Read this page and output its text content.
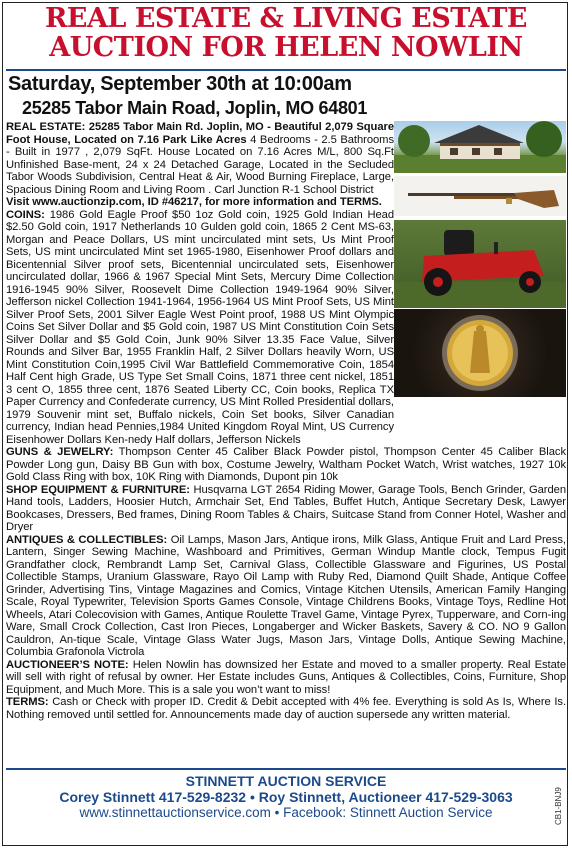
REAL ESTATE & LIVING ESTATE
AUCTION FOR HELEN NOWLIN
Saturday, September 30th at 10:00am
25285 Tabor Main Road, Joplin, MO 64801
REAL ESTATE: 25285 Tabor Main Rd. Joplin, MO - Beautiful 2,079 Square Foot House, Located on 7.16 Park Like Acres 4 Bedrooms - 2.5 Bathrooms - Built in 1977 , 2,079 SqFt. House Located on 7.16 Acres M/L, 800 Sq.Ft Unfinished Base-ment, 24 x 24 Detached Garage, Located in the Secluded Tabor Woods Subdivision, Central Heat & Air, Wood Burning Fireplace, Large, Spacious Dining Room and Living Room . Carl Junction R-1 School District
Visit www.auctionzip.com, ID #46217, for more information and TERMS.
COINS: 1986 Gold Eagle Proof $50 1oz Gold coin, 1925 Gold Indian Head $2.50 Gold coin, 1917 Netherlands 10 Gulden gold coin, 1865 2 Cent MS-63, Morgan and Peace Dollars, US mint uncirculated mint sets, Us Mint Proof Sets, US mint uncirculated Mint set 1965-1980, Eisenhower Proof dollars and Bicentennial Silver proof sets, Bicentennial uncirculated sets, Eisenhower uncirculated dollar, 1966 & 1967 Special Mint Sets, Mercury Dime Collection 1916-1945 90% Silver, Roosevelt Dime Collection 1949-1964 90% Silver, Jefferson nickel Collection 1941-1964, 1956-1964 US Mint Proof Sets, US Mint Silver Proof Sets, 2001 Silver Eagle West Point proof, 1988 US Mint Olympic Coins Set Silver Dollar and $5 Gold coin, 1987 US Mint Constitution Coin Sets Silver Dollar and $5 Gold Coin, Junk 90% Silver 13.35 Face Value, Silver Rounds and Silver Bar, 1955 Franklin Half, 2 Silver Dollars heavily Worn, US Mint Constitution Coin,1995 Civil War Battlefield Commemorative Coin, 1854 Half Cent high Grade, US Type Set Small Coins, 1871 three cent nickel, 1851 3 cent O, 1855 three cent, 1876 Seated Liberty CC, Coin books, Replica TX Paper Currency and Confederate currency, US Mint Rolled Presidential dollars, 1979 Souvenir mint set, Buffalo nickels, Coin Set books, Silver Canadian currency, Indian head Pennies,1984 United Kingdom Royal Mint, US Currency Eisenhower Dollars Ken-nedy Half dollars, Jefferson Nickels
GUNS & JEWELRY: Thompson Center 45 Caliber Black Powder pistol, Thompson Center 45 Caliber Black Powder Long gun, Daisy BB Gun with box, Costume Jewelry, Waltham Pocket Watch, Wrist watches, 1927 10k Gold Class Ring with box, 10K Ring with Diamonds, Dupont pin 10k
SHOP EQUIPMENT & FURNITURE: Husqvarna LGT 2654 Riding Mower, Garage Tools, Bench Grinder, Garden Hand tools, Ladders, Hoosier Hutch, Armchair Set, End Tables, Buffet Hutch, Antique Secretary Desk, Lawyer Bookcases, Dressers, Bed frames, Dining Room Tables & Chairs, Suitcase Stand from Conner Hotel, Washer and Dryer
ANTIQUES & COLLECTIBLES: Oil Lamps, Mason Jars, Antique irons, Milk Glass, Antique Fruit and Lard Press, Lantern, Singer Sewing Machine, Washboard and Primitives, German Windup Mantle clock, Tempus Fugit Grandfather clock, Rembrandt Lamp Set, Carnival Glass, Collectible Glassware and Figurines, US Postal Collectible Stamps, Uranium Glassware, Rayo Oil Lamp with Ruby Red, Diamond Quilt Shade, Antique Coffee Grinder, Advertising Tins, Vintage Magazines and Comics, Vintage Kitchen Utensils, American Family Hanging Scale, Royal Typewriter, Television Sports Games Console, Vintage Childrens Books, Vintage Toys, Redline Hot Wheels, Atari Colecovision with Games, Antique Roulette Travel Game, Vintage Pyrex, Tupperware, and Corn-ing Ware, Small Crock Collection, Cast Iron Pieces, Longaberger and Wicker Baskets, Savery & CO. NO 9 Gallon Cauldron, An-tique Scale, Vintage Glass Water Jugs, Mason Jars, Vintage Dolls, Antique Sewing Machine, Columbia Grafonola Victrola
AUCTIONEER’S NOTE: Helen Nowlin has downsized her Estate and moved to a smaller property. Real Estate will sell with right of refusal by owner. Her Estate includes Guns, Antiques & Collectibles, Coins, Furniture, Shop Equipment, and Much More. This is a sale you won’t want to miss!
TERMS: Cash or Check with proper ID. Credit & Debit accepted with 4% fee. Everything is sold As Is, Where Is. Nothing removed until settled for. Announcements made day of auction supersede any written material.
STINNETT AUCTION SERVICE
Corey Stinnett 417-529-8232 • Roy Stinnett, Auctioneer 417-529-3063
www.stinnettauctionservice.com • Facebook: Stinnett Auction Service	CB1-BNJ9
